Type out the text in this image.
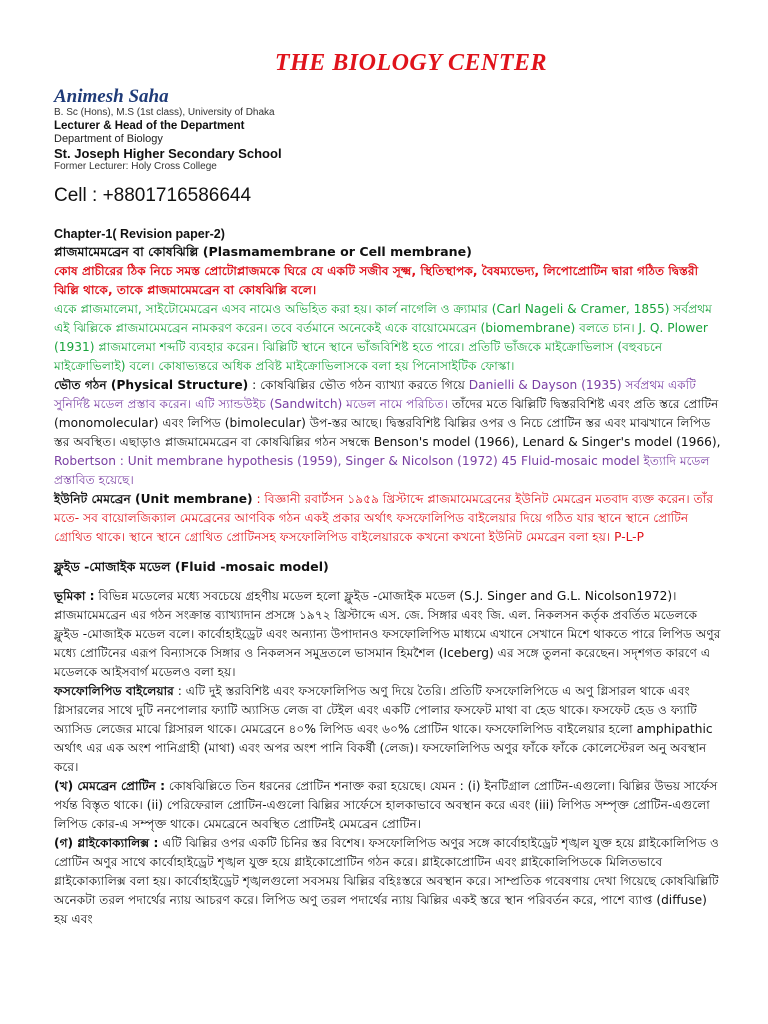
THE BIOLOGY CENTER
Animesh Saha
B. Sc (Hons), M.S (1st class), University of Dhaka
Lecturer & Head of the Department
Department of Biology
St. Joseph Higher Secondary School
Former Lecturer: Holy Cross College
Cell : +8801716586644
Chapter-1( Revision paper-2)

প্লাজমামেমব্রেন বা কোষঝিল্লি (Plasmamembrane or Cell membrane)

কোষ প্রাচীরের ঠিক নিচে সমস্ত প্রোটোপ্লাজমকে ঘিরে যে একটি সজীব সূক্ষ্ম, স্থিতিস্থাপক, বৈষম্যভেদ্য, লিপোপ্রোটিন দ্বারা গঠিত দ্বিস্তরী ঝিল্লি থাকে, তাকে প্লাজমামেমব্রেন বা কোষঝিল্লি বলে।

একে প্লাজমালেমা, সাইটোমেমব্রেন এসব নামেও অভিহিত করা হয়। কার্ল নাগেলি ও ক্র্যামার (Carl Nageli & Cramer, 1855) সর্বপ্রথম এই ঝিল্লিকে প্লাজমামেমব্রেন নামকরণ করেন। তবে বর্তমানে অনেকেই একে বায়োমেমব্রেন (biomembrane) বলতে চান। J. Q. Plower (1931) প্লাজমালেমা শব্দটি ব্যবহার করেন। ঝিল্লিটি স্থানে স্থানে ভাঁজবিশিষ্ট হতে পারে। প্রতিটি ভাঁজকে মাইক্রোভিলাস (বহুবচনে মাইক্রোভিলাই) বলে। কোষাভ্যন্তরে অধিক প্রবিষ্ট মাইক্রোভিলাসকে বলা হয় পিনোসাইটিক ফোস্কা।

ভৌত গঠন (Physical Structure) : কোষঝিল্লির ভৌত গঠন ব্যাখ্যা করতে গিয়ে Danielli & Dayson (1935) সর্বপ্রথম একটি সুনির্দিষ্ট মডেল প্রস্তাব করেন। এটি স্যান্ডউইচ (Sandwitch) মডেল নামে পরিচিত। তাঁদের মতে ঝিল্লিটি দ্বিস্তরবিশিষ্ট এবং প্রতি স্তরে প্রোটিন (monomolecular) এবং লিপিড (bimolecular) উপ-স্তর আছে। দ্বিস্তরবিশিষ্ট ঝিল্লির ওপর ও নিচে প্রোটিন স্তর এবং মাঝখানে লিপিড স্তর অবস্থিত। এছাড়াও প্লাজমামেমব্রেন বা কোষঝিল্লির গঠন সম্বন্ধে Benson's model (1966), Lenard & Singer's model (1966), Robertson : Unit membrane hypothesis (1959), Singer & Nicolson (1972) 45 Fluid-mosaic model ইত্যাদি মডেল প্রস্তাবিত হয়েছে।

ইউনিট মেমব্রেন (Unit membrane) : বিজ্ঞানী রবার্টসন ১৯৫৯ খ্রিস্টাব্দে প্লাজমামেমব্রেনের ইউনিট মেমব্রেন মতবাদ ব্যক্ত করেন। তাঁর মতে- সব বায়োলজিক্যাল মেমব্রেনের আণবিক গঠন একই প্রকার অর্থাৎ ফসফোলিপিড বাইলেয়ার দিয়ে গঠিত যার স্থানে স্থানে প্রোটিন গ্রোথিত থাকে। স্থানে স্থানে গ্রোথিত প্রোটিনসহ ফসফোলিপিড বাইলেয়ারকে কখনো কখনো ইউনিট মেমব্রেন বলা হয়। P-L-P

ফ্লুইড -মোজাইক মডেল (Fluid -mosaic model)

ভূমিকা : বিভিন্ন মডেলের মধ্যে সবচেয়ে গ্রহণীয় মডেল হলো ফ্লুইড -মোজাইক মডেল (S.J. Singer and G.L. Nicolson1972)। প্লাজমামেমব্রেন এর গঠন সংক্রান্ত ব্যাখ্যাদান প্রসঙ্গে ১৯৭২ খ্রিস্টাব্দে এস. জে. সিঙ্গার এবং জি. এল. নিকলসন কর্তৃক প্রবর্তিত মডেলকে ফ্লুইড -মোজাইক মডেল বলে। কার্বোহাইড্রেট এবং অন্যান্য উপাদানও ফসফোলিপিড মাধ্যমে এখানে সেখানে মিশে থাকতে পারে লিপিড অণুর মধ্যে প্রোটিনের এরূপ বিন্যাসকে সিঙ্গার ও নিকলসন সমুদ্রতলে ভাসমান হিমশৈল (Iceberg) এর সঙ্গে তুলনা করেছেন। সদৃশগত কারণে এ মডেলকে আইসবার্গ মডেলও বলা হয়।

ফসফোলিপিড বাইলেয়ার : এটি দুই স্তরবিশিষ্ট এবং ফসফোলিপিড অণু দিয়ে তৈরি। প্রতিটি ফসফোলিপিডে এ অণু গ্লিসারল থাকে এবং গ্লিসারলের সাথে দুটি ননপোলার ফ্যাটি অ্যাসিড লেজ বা টেইল এবং একটি পোলার ফসফেট মাথা বা হেড থাকে। ফসফেট হেড ও ফ্যাটি অ্যাসিড লেজের মাঝে গ্লিসারল থাকে। মেমব্রেনে ৪০% লিপিড এবং ৬০% প্রোটিন থাকে। ফসফোলিপিড বাইলেয়ার হলো amphipathic অর্থাৎ এর এক অংশ পানিগ্রাহী (মাথা) এবং অপর অংশ পানি বিকর্ষী (লেজ)। ফসফোলিপিড অণুর ফাঁকে ফাঁকে কোলেস্টেরল অনু অবস্থান করে।

(খ) মেমব্রেন প্রোটিন : কোষঝিল্লিতে তিন ধরনের প্রোটিন শনাক্ত করা হয়েছে। যেমন : (i) ইনটিগ্রাল প্রোটিন-এগুলো। ঝিল্লির উভয় সার্ফেস পর্যন্ত বিস্তৃত থাকে। (ii) পেরিফেরাল প্রোটিন-এগুলো ঝিল্লির সার্ফেসে হালকাভাবে অবস্থান করে এবং (iii) লিপিড সম্পৃক্ত প্রোটিন-এগুলো লিপিড কোর-এ সম্পৃক্ত থাকে। মেমব্রেনে অবস্থিত প্রোটিনই মেমব্রেন প্রোটিন।

(গ) গ্লাইকোক্যালিক্স : এটি ঝিল্লির ওপর একটি চিনির স্তর বিশেষ। ফসফোলিপিড অণুর সঙ্গে কার্বোহাইড্রেট শৃঙ্খল যুক্ত হয়ে গ্লাইকোলিপিড ও প্রোটিন অণুর সাথে কার্বোহাইড্রেট শৃঙ্খল যুক্ত হয়ে গ্লাইকোপ্রোটিন গঠন করে। গ্লাইকোপ্রোটিন এবং গ্লাইকোলিপিডকে মিলিতভাবে গ্লাইকোক্যালিক্স বলা হয়। কার্বোহাইড্রেট শৃঙ্খলগুলো সবসময় ঝিল্লির বহিঃস্তরে অবস্থান করে। সাম্প্রতিক গবেষণায় দেখা গিয়েছে কোষঝিল্লিটি অনেকটা তরল পদার্থের ন্যায় আচরণ করে। লিপিড অণু তরল পদার্থের ন্যায় ঝিল্লির একই স্তরে স্থান পরিবর্তন করে, পাশে ব্যাপ্ত (diffuse) হয় এবং
